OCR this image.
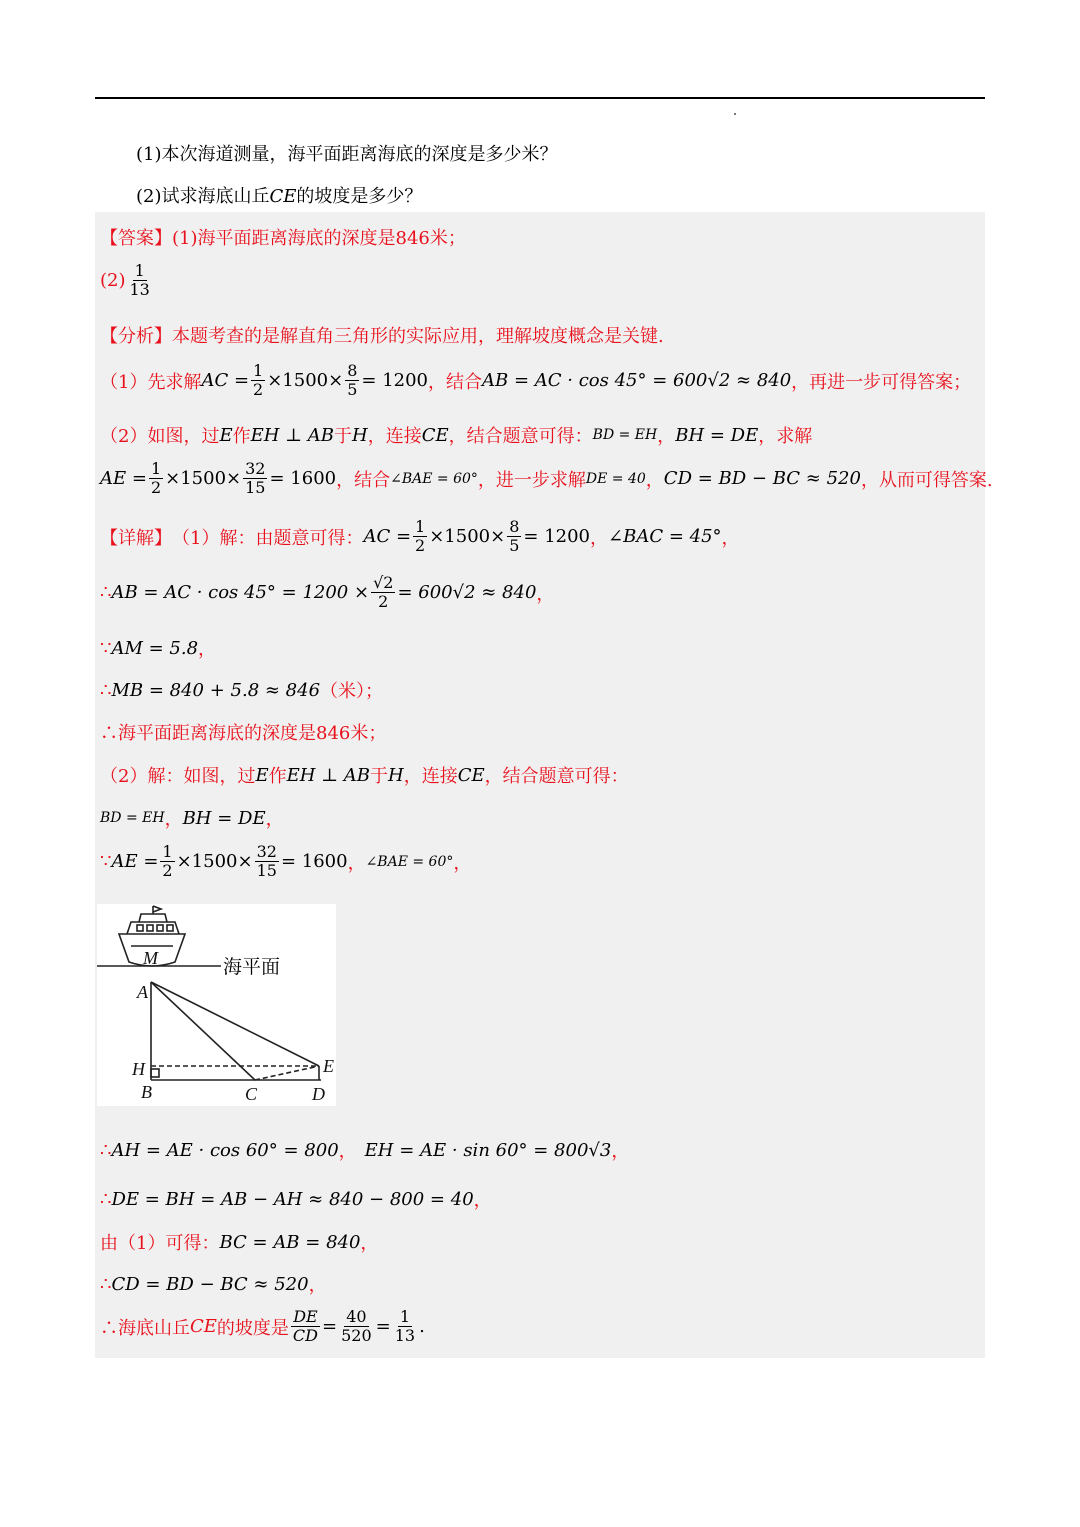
(1)本次海道测量，海平面距离海底的深度是多少米？
(2)试求海底山丘CE的坡度是多少？
【答案】 (1)海平面距离海底的深度是846米；
$(2) \frac{1}{13}$
【分析】 本题考查的是解直角三角形的实际应用，理解坡度概念是关键.
（1）先求解 AC = $\frac{1}{2} \times 1500\times \frac{8}{5} = 1200$ ，结合 AB = AC · cos 45° = 600√2 ≈ 840 ，再进一步可得答案；
（2）如图，过 E 作 EH ⊥ AB 于 H ，连接 CE ，结合题意可得： BD = EH ， BH = DE ，求解
AE = $\frac{1}{2} \times 1500\times \frac{32}{15} = 1600$ ，结合 ∠BAE = 60° ，进一步求解 DE = 40 ， CD = BD − BC ≈ 520 ，从而可得答案.
【详解】 （1）解：由题意可得： AC = $\frac{1}{2} \times 1500\times \frac{8}{5} = 1200$ ， ∠BAC = 45° ，
∴ AB = AC · $\cos 45^\circ = 1200 \times \frac{√2}{2} = 600√2 \approx 840$ ，
∵ AM = 5.8 ，
∴ MB = 840 + 5.8 ≈ 846 （米）；
∴海平面距离海底的深度是846米；
（2）解：如图，过 E 作 EH ⊥ AB 于 H ，连接 CE ，结合题意可得：
BD = EH ， BH = DE ，
∵ AE = $\frac{1}{2} \times 1500\times \frac{32}{15} = 1600$ ， ∠BAE = 60° ，
海平面
M
A
H
B	C	D
E
∴ AH = AE · cos 60° = 800 ， EH = AE · sin 60° = 800√3 ，
∴ DE = BH = AB − AH ≈ 840 − 800 = 40 ，
由（1）可得： BC = AB = 840 ，
∴ CD = BD − BC ≈ 520 ，
∴海底山丘 CE 的坡度是 $\frac{DE}{CD} = \frac{40}{520} = \frac{1}{13}$ .
